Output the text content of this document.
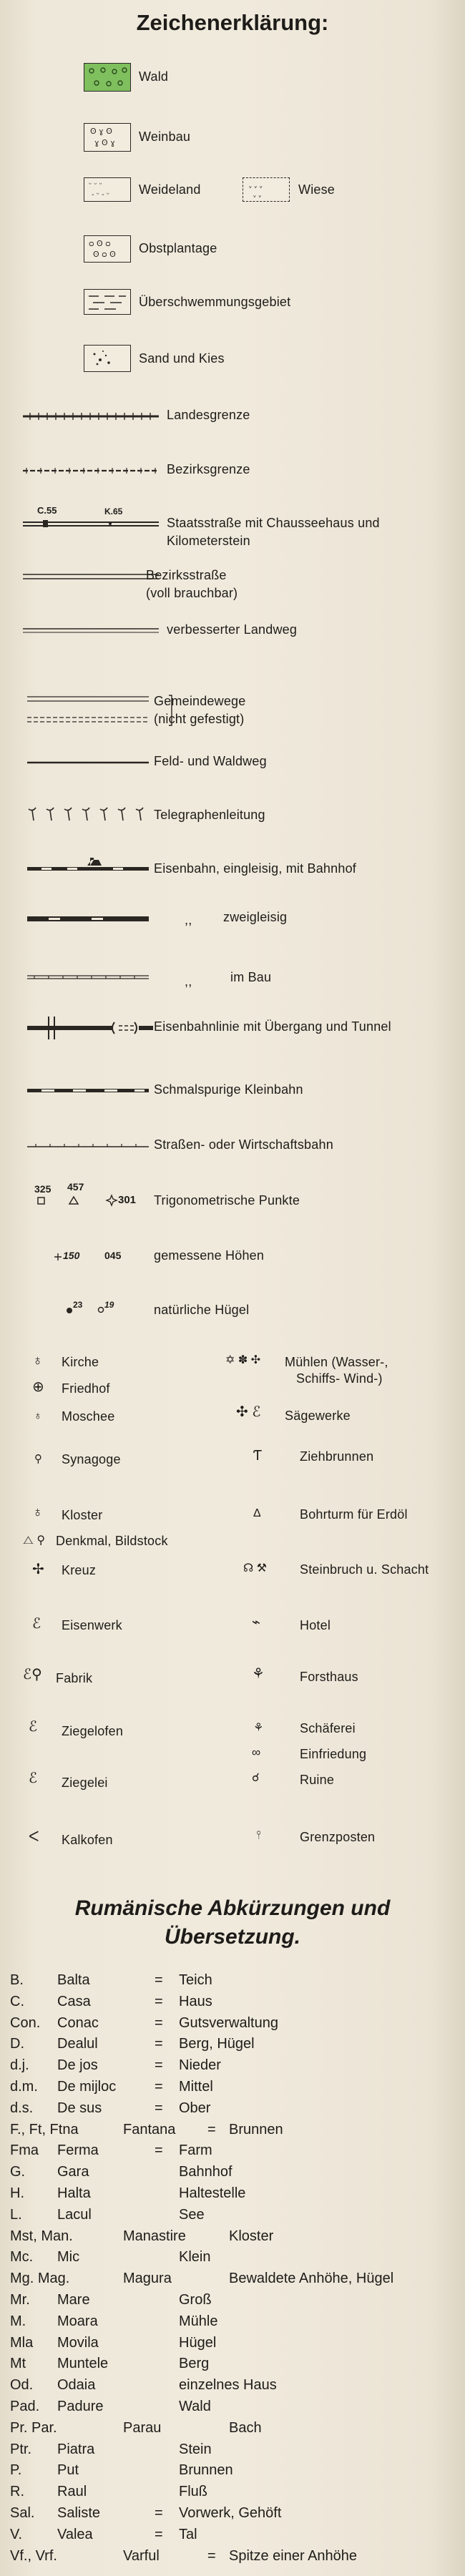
Zeichenerklärung:
Wald
ʘ ɣ ʘ
ɣ ʘ ɣ Weinbau
ᵕ ᵕ ᵕ
- ᵕ - ᵕ Weideland	ᵥ ᵥ ᵥ
ᵥ ᵥ	Wiese
ᴑ ʘ ᴑ
ʘ ᴑ ʘ Obstplantage
Überschwemmungsgebiet
Sand und Kies
Landesgrenze
Bezirksgrenze
C.55	K.65
Staatsstraße mit Chausseehaus und
Kilometerstein
Bezirksstraße
(voll brauchbar)
verbesserter Landweg
Gemeindewege
(nicht gefestigt)
Feld- und Waldweg
Telegraphenleitung
Eisenbahn, eingleisig, mit Bahnhof
,, zweigleisig
,,	im Bau
Eisenbahnlinie mit Übergang und Tunnel
Schmalspurige Kleinbahn
Straßen- oder Wirtschaftsbahn
325 457
301 Trigonometrische Punkte
150 045	gemessene Höhen
23	19	natürliche Hügel
♁ Kirche
⊕ Friedhof
♁ Moschee
⚲ Synagoge
♁ Kloster
⧍ ⚲ Denkmal, Bildstock
✢ Kreuz
ℰ Eisenwerk
ℰ⚲ Fabrik
ℰ Ziegelofen
ℰ Ziegelei
ᐸ Kalkofen
✡ ✽ ✣ Mühlen (Wasser-,
Schiffs- Wind-)
✣ ℰ Sägewerke
Ƭ	Ziehbrunnen
Δ	Bohrturm für Erdöl
☊ ⚒	Steinbruch u. Schacht
⌁	Hotel
⚘	Forsthaus
⚘	Schäferei
∞	Einfriedung
☌	Ruine
⫯	Grenzposten
Rumänische Abkürzungen und
Übersetzung.
B. Balta	= Teich
C. Casa	= Haus
Con. Conac	= Gutsverwaltung
D. Dealul	= Berg, Hügel
d.j. De jos	= Nieder
d.m. De mijloc	= Mittel
d.s. De sus	= Ober
F., Ft, Ftna	Fantana = Brunnen
Fma Ferma	= Farm
G. Gara	Bahnhof
H. Halta	Haltestelle
L. Lacul	See
Mst, Man.	Manastire	Kloster
Mc. Mic	Klein
Mg. Mag.	Magura	Bewaldete Anhöhe, Hügel
Mr. Mare	Groß
M. Moara	Mühle
Mla Movila	Hügel
Mt Muntele	Berg
Od. Odaia	einzelnes Haus
Pad. Padure	Wald
Pr. Par.	Parau	Bach
Ptr. Piatra	Stein
P. Put	Brunnen
R. Raul	Fluß
Sal. Saliste	= Vorwerk, Gehöft
V. Valea	= Tal
Vf., Vrf.	Varful	= Spitze einer Anhöhe
